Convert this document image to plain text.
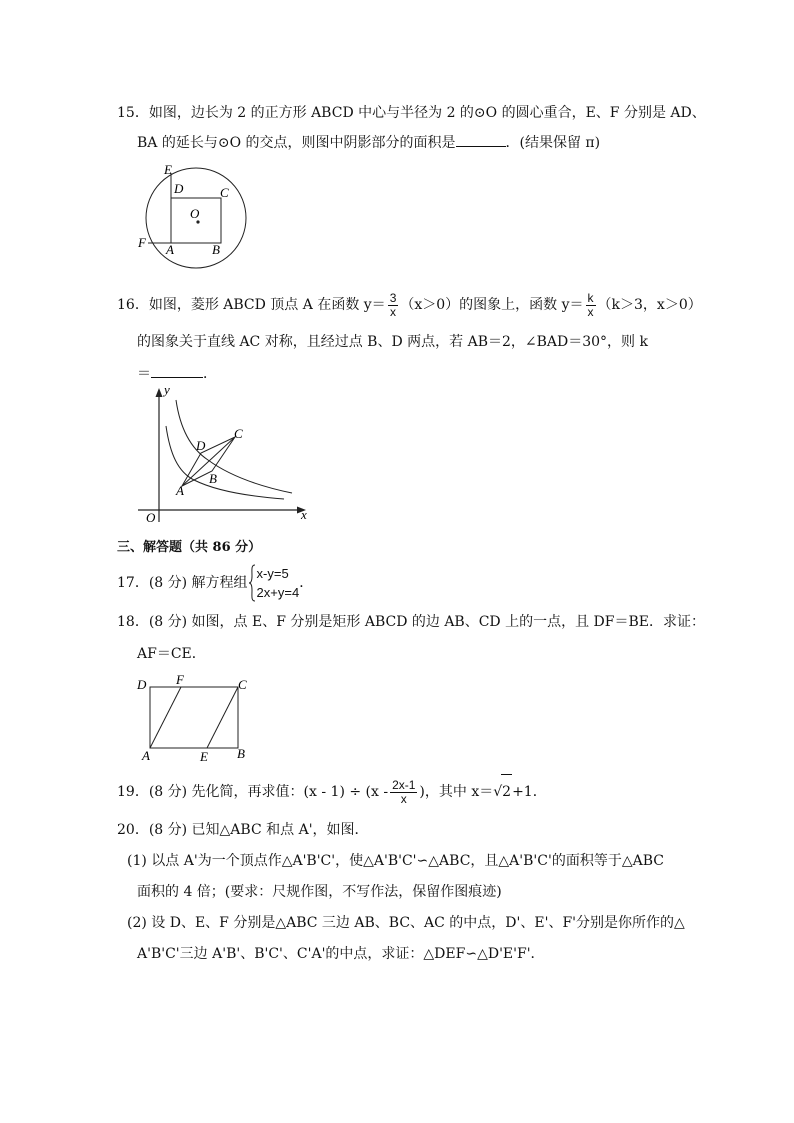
15．如图，边长为 2 的正方形 ABCD 中心与半径为 2 的⊙O 的圆心重合，E、F 分别是 AD、
BA 的延长与⊙O 的交点，则图中阴影部分的面积是	．(结果保留 π)
E
D	C
O
F A	B
16．如图，菱形 ABCD 顶点 A 在函数 $y= \frac{3}{x} (x>0)$的图象上，函数 $y= \frac{k}{x} (k>3$，x＞0）
的图象关于直线 AC 对称，且经过点 B、D 两点，若 AB＝2，∠BAD＝30°，则 k
＝	．
y
D
C
B
A
O	x
三、解答题（共 86 分）
17．(8 分) 解方程组
x-y=5
2x+y=4
．
18．(8 分) 如图，点 E、F 分别是矩形 ABCD 的边 AB、CD 上的一点，且 DF＝BE．求证：
AF＝CE．
D F	C
A	E B
19．(8 分) 先化简，再求值：$(x - 1) \div (x - \frac{2x-1}{x}$ )，其中 x＝√2+1．
20．(8 分) 已知△ABC 和点 A'，如图．
(1) 以点 A'为一个顶点作△A'B'C'，使△A'B'C'∽△ABC，且△A'B'C'的面积等于△ABC
面积的 4 倍；(要求：尺规作图，不写作法，保留作图痕迹)
(2) 设 D、E、F 分别是△ABC 三边 AB、BC、AC 的中点，D'、E'、F'分别是你所作的△
A'B'C'三边 A'B'、B'C'、C'A'的中点，求证：△DEF∽△D'E'F'．
